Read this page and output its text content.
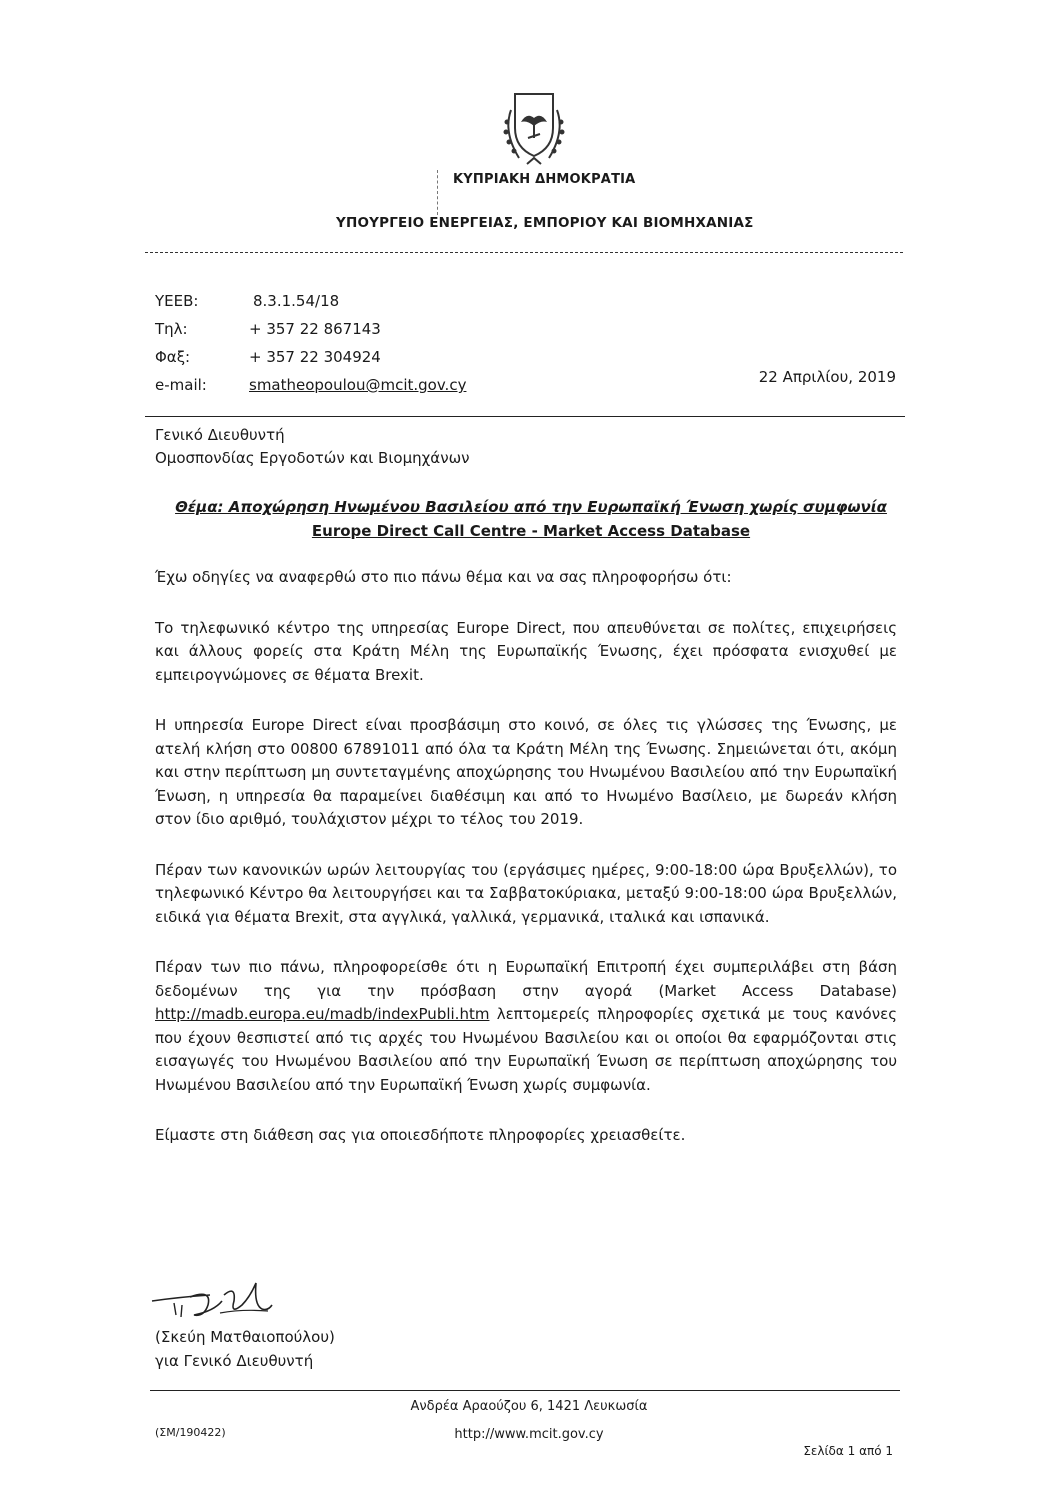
ΚΥΠΡΙΑΚΗ ΔΗΜΟΚΡΑΤΙΑ
ΥΠΟΥΡΓΕΙΟ ΕΝΕΡΓΕΙΑΣ, ΕΜΠΟΡΙΟΥ ΚΑΙ ΒΙΟΜΗΧΑΝΙΑΣ
ΥΕΕΒ:	8.3.1.54/18
Τηλ:	+ 357 22 867143
Φαξ:	+ 357 22 304924
e-mail:	smatheopoulou@mcit.gov.cy	22 Απριλίου, 2019
Γενικό Διευθυντή
Ομοσπονδίας Εργοδοτών και Βιομηχάνων
Θέμα: Αποχώρηση Ηνωμένου Βασιλείου από την Ευρωπαϊκή Ένωση χωρίς συμφωνία
Europe Direct Call Centre - Market Access Database

Έχω οδηγίες να αναφερθώ στο πιο πάνω θέμα και να σας πληροφορήσω ότι:

Το τηλεφωνικό κέντρο της υπηρεσίας Europe Direct, που απευθύνεται σε πολίτες, επιχειρήσεις και άλλους φορείς στα Κράτη Μέλη της Ευρωπαϊκής Ένωσης, έχει πρόσφατα ενισχυθεί με εμπειρογνώμονες σε θέματα Brexit.

Η υπηρεσία Europe Direct είναι προσβάσιμη στο κοινό, σε όλες τις γλώσσες της Ένωσης, με ατελή κλήση στο 00800 67891011 από όλα τα Κράτη Μέλη της Ένωσης. Σημειώνεται ότι, ακόμη και στην περίπτωση μη συντεταγμένης αποχώρησης του Ηνωμένου Βασιλείου από την Ευρωπαϊκή Ένωση, η υπηρεσία θα παραμείνει διαθέσιμη και από το Ηνωμένο Βασίλειο, με δωρεάν κλήση στον ίδιο αριθμό, τουλάχιστον μέχρι το τέλος του 2019.

Πέραν των κανονικών ωρών λειτουργίας του (εργάσιμες ημέρες, 9:00-18:00 ώρα Βρυξελλών), το τηλεφωνικό Κέντρο θα λειτουργήσει και τα Σαββατοκύριακα, μεταξύ 9:00-18:00 ώρα Βρυξελλών, ειδικά για θέματα Brexit, στα αγγλικά, γαλλικά, γερμανικά, ιταλικά και ισπανικά.

Πέραν των πιο πάνω, πληροφορείσθε ότι η Ευρωπαϊκή Επιτροπή έχει συμπεριλάβει στη βάση δεδομένων της για την πρόσβαση στην αγορά (Market Access Database) http://madb.europa.eu/madb/indexPubli.htm λεπτομερείς πληροφορίες σχετικά με τους κανόνες που έχουν θεσπιστεί από τις αρχές του Ηνωμένου Βασιλείου και οι οποίοι θα εφαρμόζονται στις εισαγωγές του Ηνωμένου Βασιλείου από την Ευρωπαϊκή Ένωση σε περίπτωση αποχώρησης του Ηνωμένου Βασιλείου από την Ευρωπαϊκή Ένωση χωρίς συμφωνία.

Είμαστε στη διάθεση σας για οποιεσδήποτε πληροφορίες χρειασθείτε.

(Σκεύη Ματθαιοπούλου)
για Γενικό Διευθυντή
Ανδρέα Αραούζου 6, 1421 Λευκωσία
(ΣΜ/190422)	http://www.mcit.gov.cy
Σελίδα 1 από 1
